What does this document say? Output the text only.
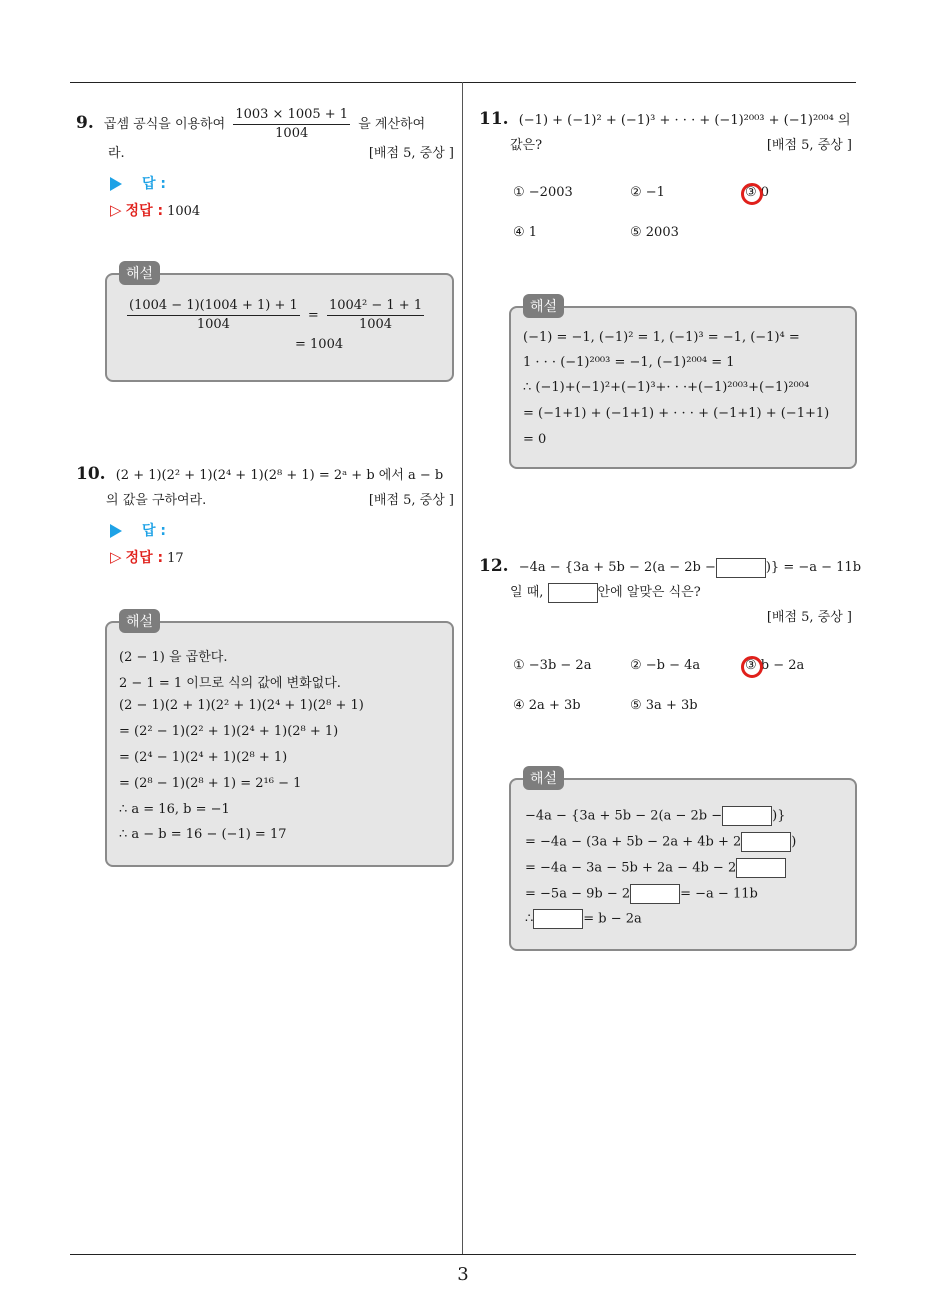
3
9. 곱셈 공식을 이용하여 $\frac{1003 \times 1005 + 1}{1004}$ 을 계산하여
라.	[배점 5, 중상 ]
답 :
▷ 정답 : 1004
$\frac{(1004 - 1)(1004 + 1) + 1}{1004} = \frac{\text{1004² − 1 + 1}}{1004}$
= 1004
해설
10. (2 + 1)(2² + 1)(2⁴ + 1)(2⁸ + 1) = 2ᵃ + b 에서 a − b
의 값을 구하여라.	[배점 5, 중상 ]
답 :
▷ 정답 : 17
(2 − 1) 을 곱한다.
2 − 1 = 1 이므로 식의 값에 변화없다.
(2 − 1)(2 + 1)(2² + 1)(2⁴ + 1)(2⁸ + 1)
= (2² − 1)(2² + 1)(2⁴ + 1)(2⁸ + 1)
= (2⁴ − 1)(2⁴ + 1)(2⁸ + 1)
= (2⁸ − 1)(2⁸ + 1) = 2¹⁶ − 1
∴ a = 16, b = −1
∴ a − b = 16 − (−1) = 17
해설
11. (−1) + (−1)² + (−1)³ + · · · + (−1)²⁰⁰³ + (−1)²⁰⁰⁴ 의
값은?	[배점 5, 중상 ]
① −2003	② −1	③ 0
④ 1	⑤ 2003
(−1) = −1, (−1)² = 1, (−1)³ = −1, (−1)⁴ =
1 · · · (−1)²⁰⁰³ = −1, (−1)²⁰⁰⁴ = 1
∴ (−1)+(−1)²+(−1)³+· · ·+(−1)²⁰⁰³+(−1)²⁰⁰⁴
= (−1+1) + (−1+1) + · · · + (−1+1) + (−1+1)
= 0
해설
12. −4a − {3a + 5b − 2(a − 2b −	)} = −a − 11b
일 때,	안에 알맞은 식은?
[배점 5, 중상 ]
① −3b − 2a	② −b − 4a	③ b − 2a
④ 2a + 3b	⑤ 3a + 3b
−4a − {3a + 5b − 2(a − 2b −	)}
= −4a − (3a + 5b − 2a + 4b + 2	)
= −4a − 3a − 5b + 2a − 4b − 2
= −5a − 9b − 2	= −a − 11b
∴	= b − 2a
해설
